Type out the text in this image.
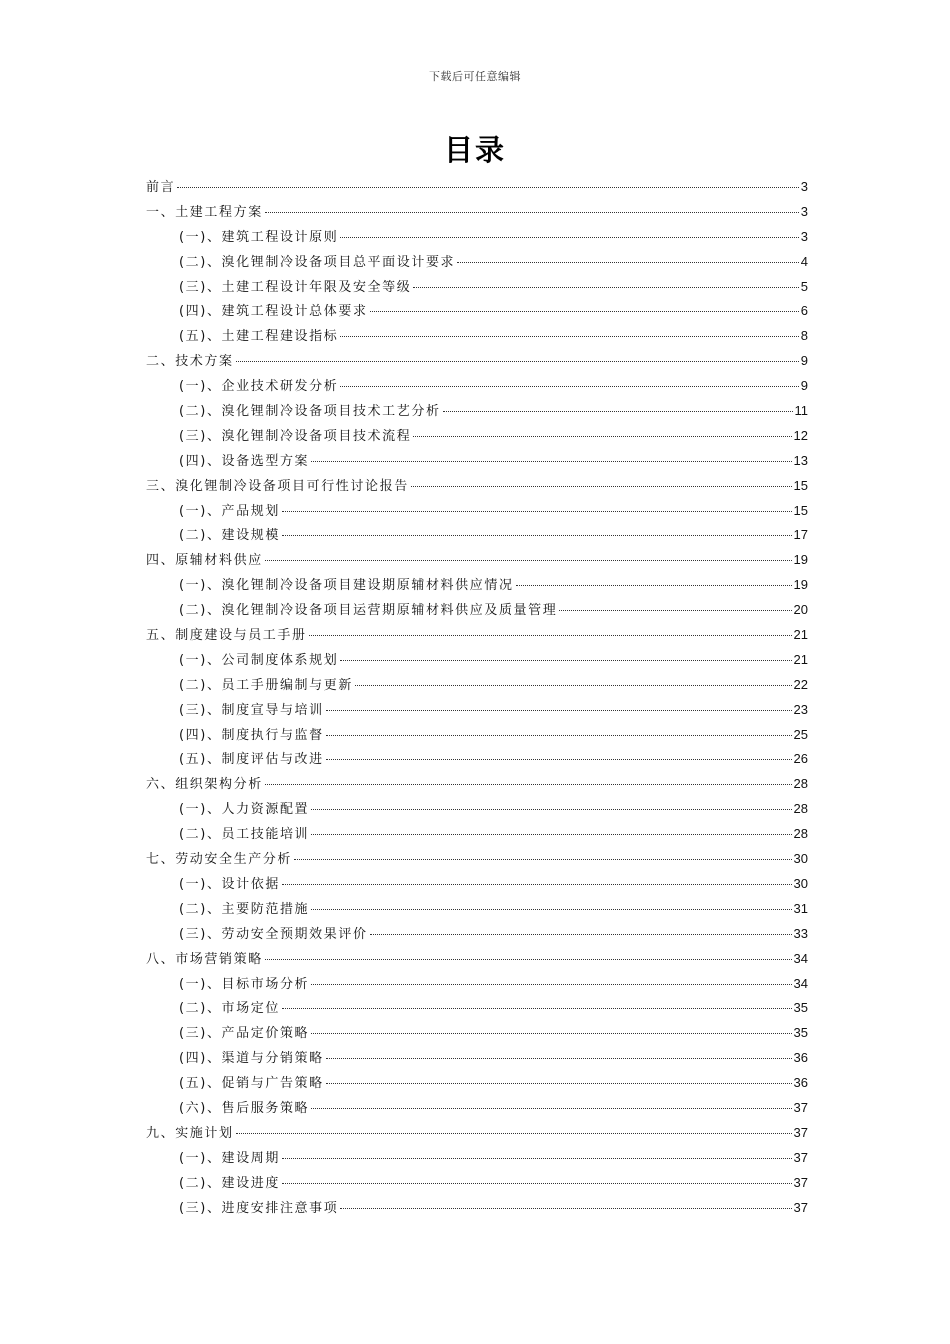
下载后可任意编辑
目录
前言	3
一、土建工程方案	3
(一)、建筑工程设计原则	3
(二)、溴化锂制冷设备项目总平面设计要求	4
(三)、土建工程设计年限及安全等级	5
(四)、建筑工程设计总体要求	6
(五)、土建工程建设指标	8
二、技术方案	9
(一)、企业技术研发分析	9
(二)、溴化锂制冷设备项目技术工艺分析	11
(三)、溴化锂制冷设备项目技术流程	12
(四)、设备选型方案	13
三、溴化锂制冷设备项目可行性讨论报告	15
(一)、产品规划	15
(二)、建设规模	17
四、原辅材料供应	19
(一)、溴化锂制冷设备项目建设期原辅材料供应情况	19
(二)、溴化锂制冷设备项目运营期原辅材料供应及质量管理	20
五、制度建设与员工手册	21
(一)、公司制度体系规划	21
(二)、员工手册编制与更新	22
(三)、制度宣导与培训	23
(四)、制度执行与监督	25
(五)、制度评估与改进	26
六、组织架构分析	28
(一)、人力资源配置	28
(二)、员工技能培训	28
七、劳动安全生产分析	30
(一)、设计依据	30
(二)、主要防范措施	31
(三)、劳动安全预期效果评价	33
八、市场营销策略	34
(一)、目标市场分析	34
(二)、市场定位	35
(三)、产品定价策略	35
(四)、渠道与分销策略	36
(五)、促销与广告策略	36
(六)、售后服务策略	37
九、实施计划	37
(一)、建设周期	37
(二)、建设进度	37
(三)、进度安排注意事项	37
